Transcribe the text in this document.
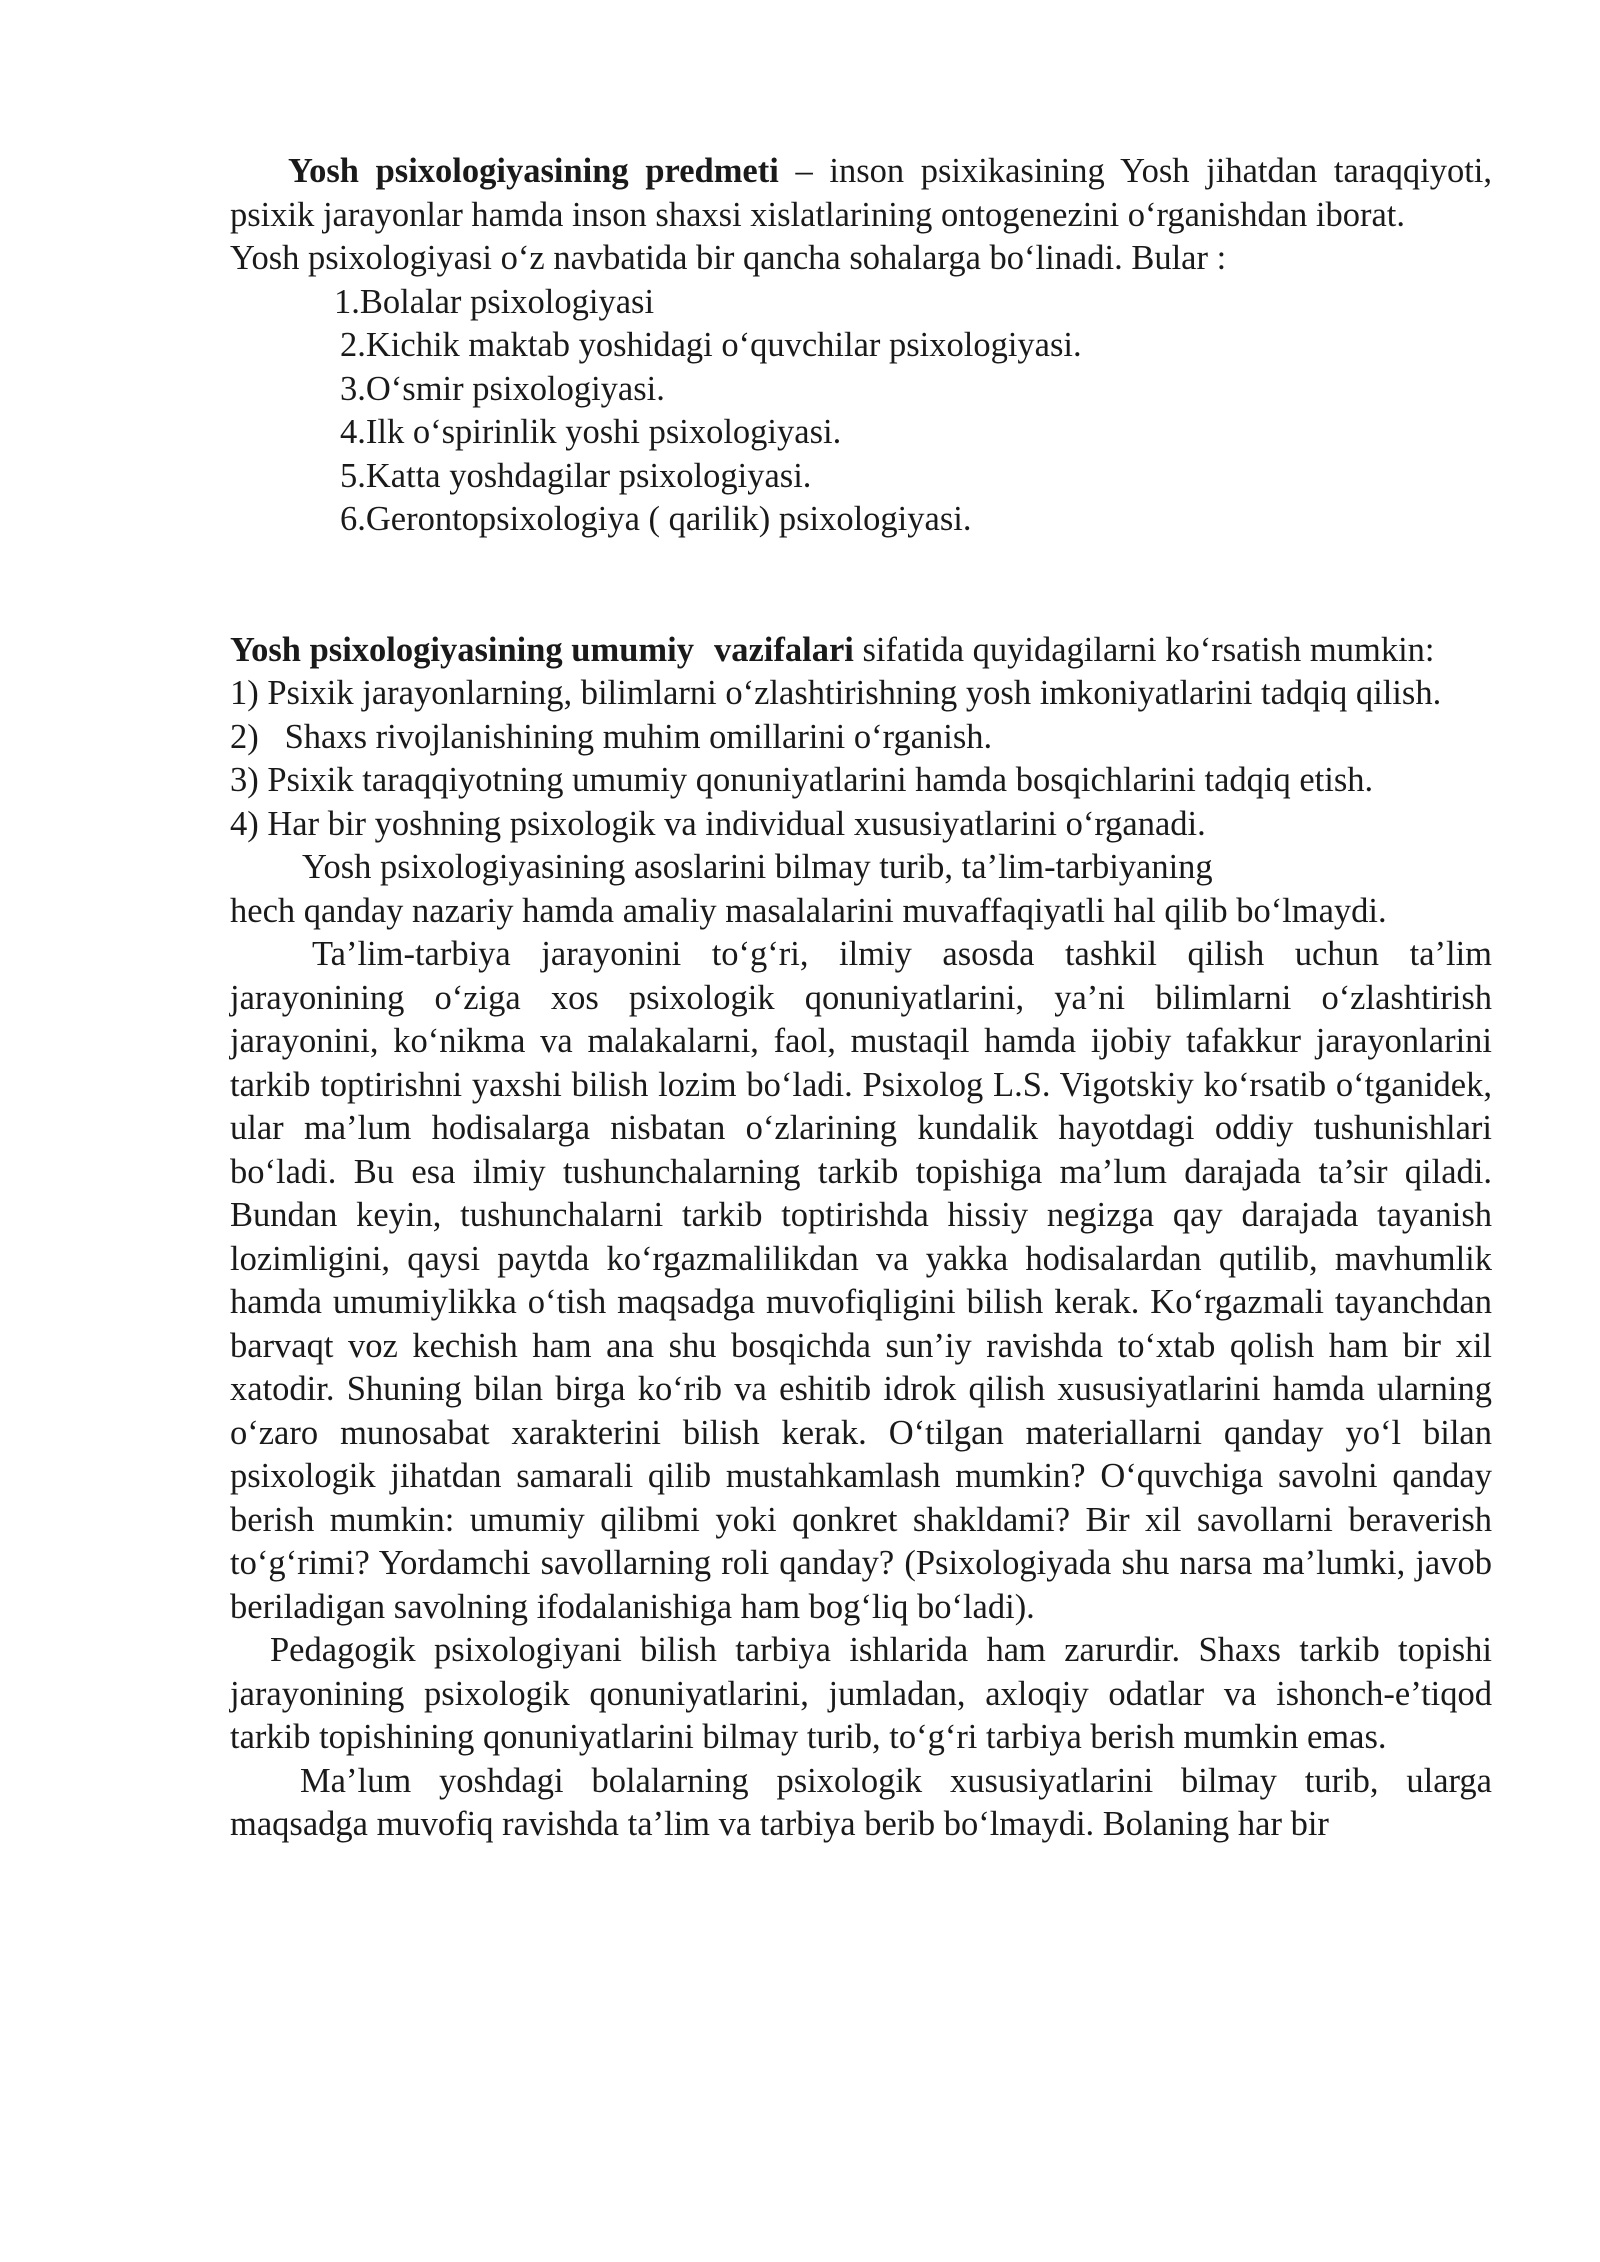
Yosh psixologiyasining predmeti – inson psixikasining Yosh jihatdan taraqqiyoti, psixik jarayonlar hamda inson shaxsi xislatlarining ontogenezini o‘rganishdan iborat.

Yosh psixologiyasi o‘z navbatida bir qancha sohalarga bo‘linadi. Bular :

1.Bolalar psixologiyasi
2.Kichik maktab yoshidagi o‘quvchilar psixologiyasi.
3.O‘smir psixologiyasi.
4.Ilk o‘spirinlik yoshi psixologiyasi.
5.Katta yoshdagilar psixologiyasi.
6.Gerontopsixologiya ( qarilik) psixologiyasi.

Yosh psixologiyasining umumiy vazifalari sifatida quyidagilarni ko‘rsatish mumkin:

1) Psixik jarayonlarning, bilimlarni o‘zlashtirishning yosh imkoniyatlarini tadqiq qilish.

2)   Shaxs rivojlanishining muhim omillarini o‘rganish.

3) Psixik taraqqiyotning umumiy qonuniyatlarini hamda bosqichlarini tadqiq etish.

4) Har bir yoshning psixologik va individual xususiyatlarini o‘rganadi.

Yosh psixologiyasining asoslarini bilmay turib, ta’lim-tarbiyaning

hech qanday nazariy hamda amaliy masalalarini muvaffaqiyatli hal qilib bo‘lmaydi.

Ta’lim-tarbiya jarayonini to‘g‘ri, ilmiy asosda tashkil qilish uchun ta’lim jarayonining o‘ziga xos psixologik qonuniyatlarini, ya’ni bilimlarni o‘zlashtirish jarayonini, ko‘nikma va malakalarni, faol, mustaqil hamda ijobiy tafakkur jarayonlarini tarkib toptirishni yaxshi bilish lozim bo‘ladi. Psixolog L.S. Vigotskiy ko‘rsatib o‘tganidek, ular ma’lum hodisalarga nisbatan o‘zlarining kundalik hayotdagi oddiy tushunishlari bo‘ladi. Bu esa ilmiy tushunchalarning tarkib topishiga ma’lum darajada ta’sir qiladi. Bundan keyin, tushunchalarni tarkib toptirishda hissiy negizga qay darajada tayanish lozimligini, qaysi paytda ko‘rgazmalilikdan va yakka hodisalardan qutilib, mavhumlik hamda umumiylikka o‘tish maqsadga muvofiqligini bilish kerak. Ko‘rgazmali tayanchdan barvaqt voz kechish ham ana shu bosqichda sun’iy ravishda to‘xtab qolish ham bir xil xatodir. Shuning bilan birga ko‘rib va eshitib idrok qilish xususiyatlarini hamda ularning o‘zaro munosabat xarakterini bilish kerak. O‘tilgan materiallarni qanday yo‘l bilan psixologik jihatdan samarali qilib mustahkamlash mumkin? O‘quvchiga savolni qanday berish mumkin: umumiy qilibmi yoki qonkret shakldami? Bir xil savollarni beraverish to‘g‘rimi? Yordamchi savollarning roli qanday? (Psixologiyada shu narsa ma’lumki, javob beriladigan savolning ifodalanishiga ham bog‘liq bo‘ladi).

Pedagogik psixologiyani bilish tarbiya ishlarida ham zarurdir. Shaxs tarkib topishi jarayonining psixologik qonuniyatlarini, jumladan, axloqiy odatlar va ishonch-e’tiqod tarkib topishining qonuniyatlarini bilmay turib, to‘g‘ri tarbiya berish mumkin emas.

Ma’lum yoshdagi bolalarning psixologik xususiyatlarini bilmay turib, ularga maqsadga muvofiq ravishda ta’lim va tarbiya berib bo‘lmaydi. Bolaning har bir
